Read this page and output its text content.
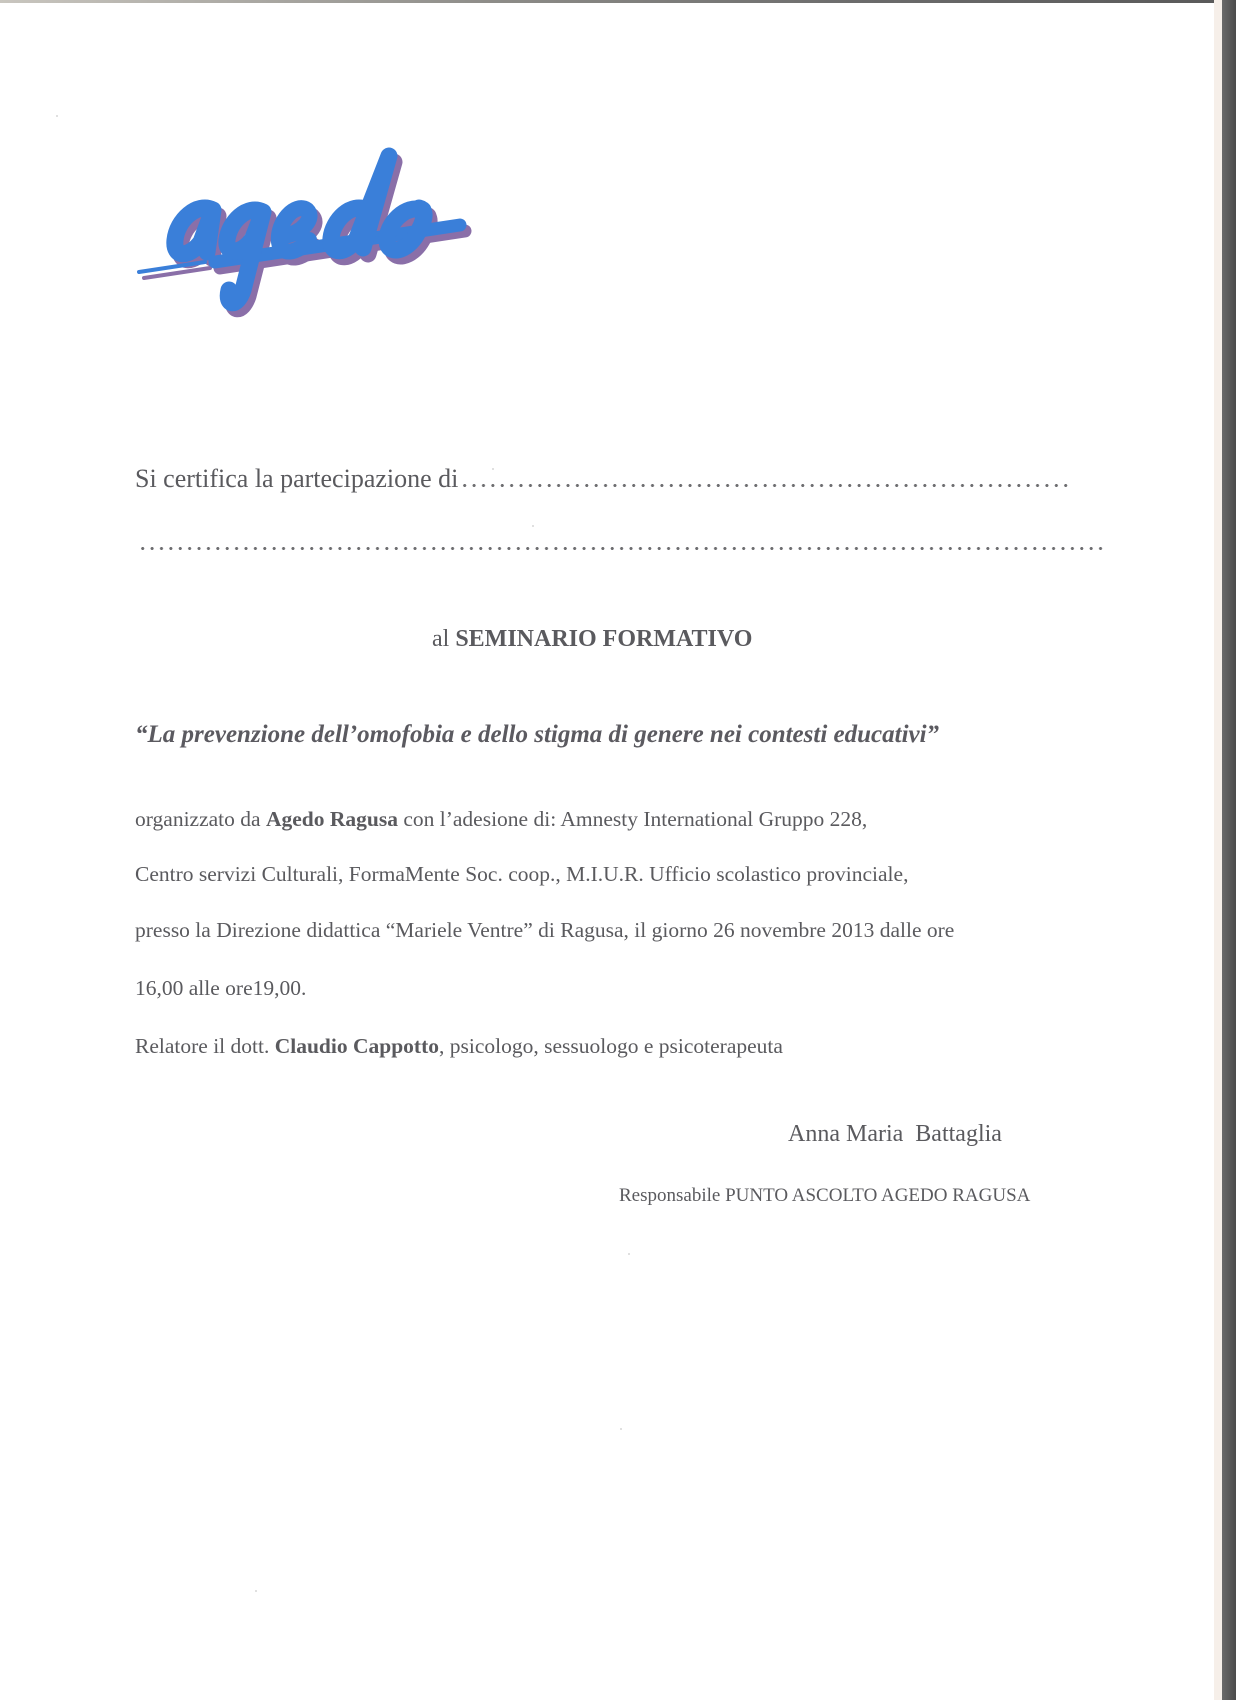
Si certifica la partecipazione di
al SEMINARIO FORMATIVO
“La prevenzione dell’omofobia e dello stigma di genere nei contesti educativi”
organizzato da Agedo Ragusa con l’adesione di: Amnesty International Gruppo 228,
Centro servizi Culturali, FormaMente Soc. coop., M.I.U.R. Ufficio scolastico provinciale,
presso la Direzione didattica “Mariele Ventre” di Ragusa, il giorno 26 novembre 2013 dalle ore
16,00 alle ore19,00.
Relatore il dott. Claudio Cappotto, psicologo, sessuologo e psicoterapeuta
Anna Maria  Battaglia
Responsabile PUNTO ASCOLTO AGEDO RAGUSA
